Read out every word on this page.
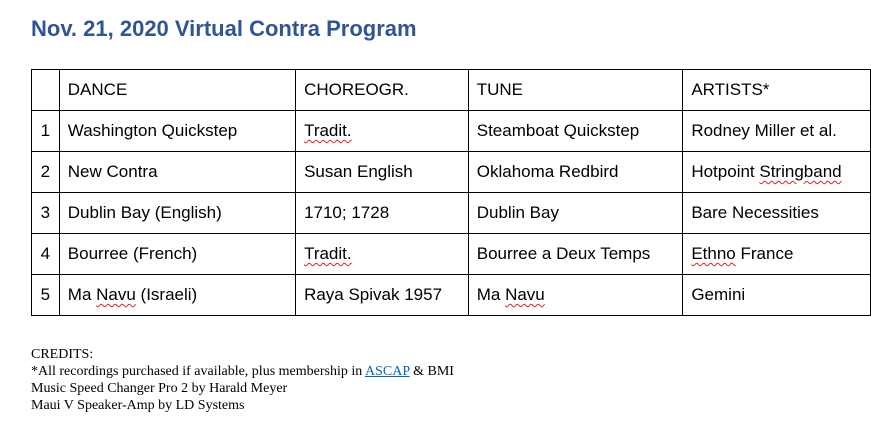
Nov. 21, 2020 Virtual Contra Program
	DANCE	CHOREOGR.	TUNE	ARTISTS*
1	Washington Quickstep	Tradit.	Steamboat Quickstep	Rodney Miller et al.
2	New Contra	Susan English	Oklahoma Redbird	Hotpoint Stringband
3	Dublin Bay (English)	1710; 1728	Dublin Bay	Bare Necessities
4	Bourree (French)	Tradit.	Bourree a Deux Temps	Ethno France
5	Ma Navu (Israeli)	Raya Spivak 1957	Ma Navu	Gemini
CREDITS:
*All recordings purchased if available, plus membership in ASCAP & BMI
Music Speed Changer Pro 2 by Harald Meyer
Maui V Speaker-Amp by LD Systems
